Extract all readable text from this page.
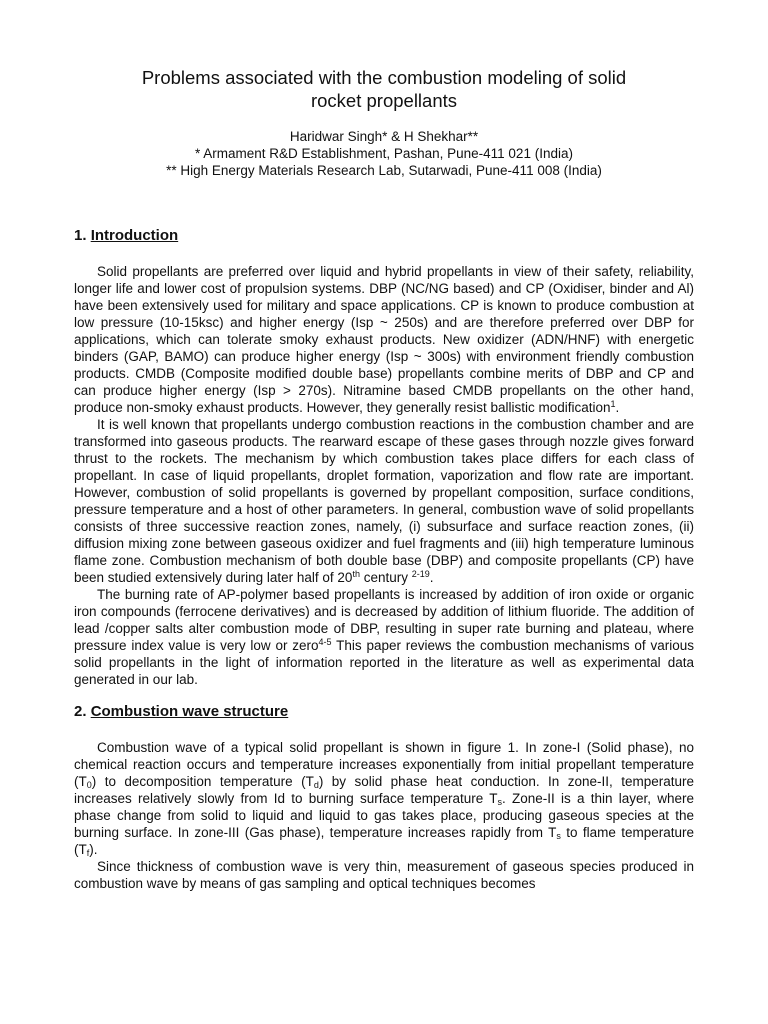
Problems associated with the combustion modeling of solid
rocket propellants
Haridwar Singh* & H Shekhar**
* Armament R&D Establishment, Pashan, Pune-411 021 (India)
** High Energy Materials Research Lab, Sutarwadi, Pune-411 008 (India)
1. Introduction

Solid propellants are preferred over liquid and hybrid propellants in view of their safety, reliability, longer life and lower cost of propulsion systems. DBP (NC/NG based) and CP (Oxidiser, binder and Al) have been extensively used for military and space applications. CP is known to produce combustion at low pressure (10-15ksc) and higher energy (Isp ~ 250s) and are therefore preferred over DBP for applications, which can tolerate smoky exhaust products. New oxidizer (ADN/HNF) with energetic binders (GAP, BAMO) can produce higher energy (Isp ~ 300s) with environment friendly combustion products. CMDB (Composite modified double base) propellants combine merits of DBP and CP and can produce higher energy (Isp > 270s). Nitramine based CMDB propellants on the other hand, produce non-smoky exhaust products. However, they generally resist ballistic modification$^1$.

It is well known that propellants undergo combustion reactions in the combustion chamber and are transformed into gaseous products. The rearward escape of these gases through nozzle gives forward thrust to the rockets. The mechanism by which combustion takes place differs for each class of propellant. In case of liquid propellants, droplet formation, vaporization and flow rate are important. However, combustion of solid propellants is governed by propellant composition, surface conditions, pressure temperature and a host of other parameters. In general, combustion wave of solid propellants consists of three successive reaction zones, namely, (i) subsurface and surface reaction zones, (ii) diffusion mixing zone between gaseous oxidizer and fuel fragments and (iii) high temperature luminous flame zone. Combustion mechanism of both double base (DBP) and composite propellants (CP) have been studied extensively during later half of 20th century $^{2-19}$.

The burning rate of AP-polymer based propellants is increased by addition of iron oxide or organic iron compounds (ferrocene derivatives) and is decreased by addition of lithium fluoride. The addition of lead /copper salts alter combustion mode of DBP, resulting in super rate burning and plateau, where pressure index value is very low or zero$^{4-5}$ This paper reviews the combustion mechanisms of various solid propellants in the light of information reported in the literature as well as experimental data generated in our lab.

2. Combustion wave structure

Combustion wave of a typical solid propellant is shown in figure 1. In zone-I (Solid phase), no chemical reaction occurs and temperature increases exponentially from initial propellant temperature $(T_0)$ to decomposition temperature $(T_d)$ by solid phase heat conduction. In zone-II, temperature increases relatively slowly from Id to burning surface temperature $T_s$. Zone-II is a thin layer, where phase change from solid to liquid and liquid to gas takes place, producing gaseous species at the burning surface. In zone-III (Gas phase), temperature increases rapidly from $T_s$ to flame temperature $(T_f)$.

Since thickness of combustion wave is very thin, measurement of gaseous species produced in combustion wave by means of gas sampling and optical techniques becomes
